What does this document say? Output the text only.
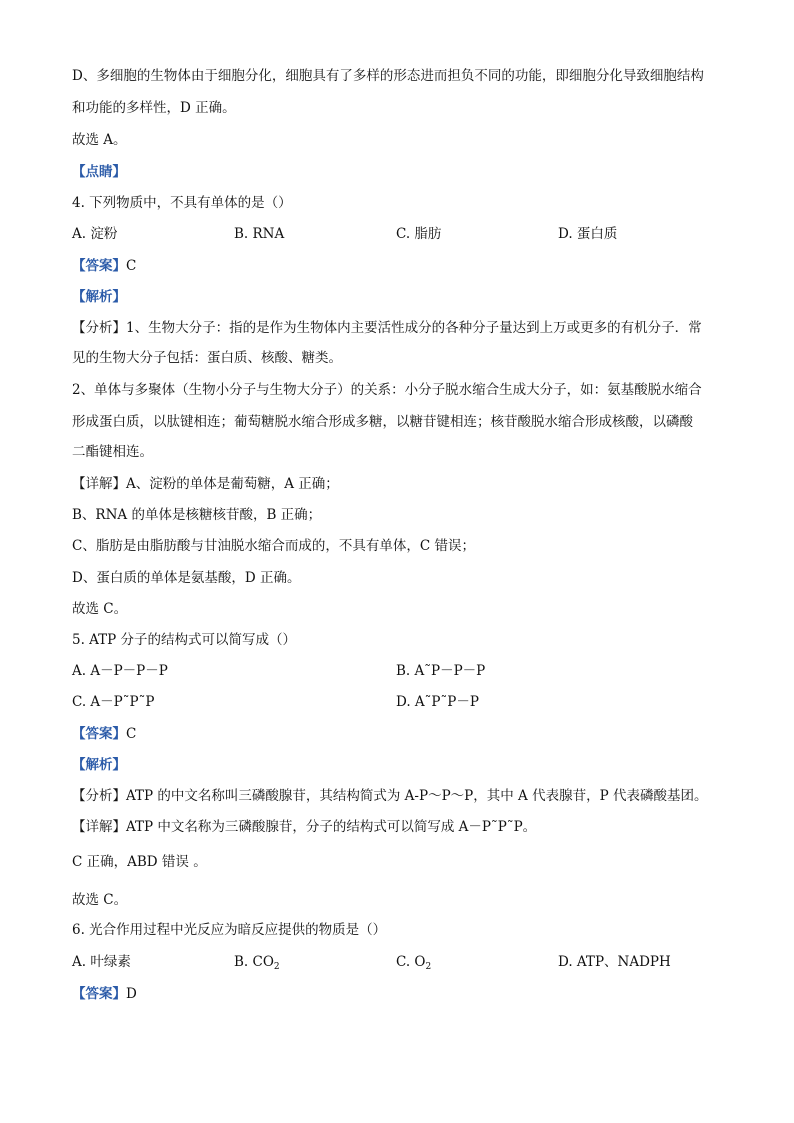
D、多细胞的生物体由于细胞分化，细胞具有了多样的形态进而担负不同的功能，即细胞分化导致细胞结构
和功能的多样性，D 正确。
故选 A。
【点睛】
4. 下列物质中，不具有单体的是（）
A. 淀粉	B. RNA	C. 脂肪	D. 蛋白质
【答案】C
【解析】
【分析】1、生物大分子：指的是作为生物体内主要活性成分的各种分子量达到上万或更多的有机分子．常
见的生物大分子包括：蛋白质、核酸、糖类。
2、单体与多聚体（生物小分子与生物大分子）的关系：小分子脱水缩合生成大分子，如：氨基酸脱水缩合
形成蛋白质，以肽键相连；葡萄糖脱水缩合形成多糖，以糖苷键相连；核苷酸脱水缩合形成核酸，以磷酸
二酯键相连。
【详解】A、淀粉的单体是葡萄糖，A 正确；
B、RNA 的单体是核糖核苷酸，B 正确；
C、脂肪是由脂肪酸与甘油脱水缩合而成的，不具有单体，C 错误；
D、蛋白质的单体是氨基酸，D 正确。
故选 C。
5. ATP 分子的结构式可以简写成（）
A. A－P－P－P	B. A˜P－P－P
C. A－P˜P˜P	D. A˜P˜P－P
【答案】C
【解析】
【分析】ATP 的中文名称叫三磷酸腺苷，其结构简式为 A-P～P～P，其中 A 代表腺苷，P 代表磷酸基团。
【详解】ATP 中文名称为三磷酸腺苷，分子的结构式可以简写成 A－P˜P˜P。
C 正确，ABD 错误 。
故选 C。
6. 光合作用过程中光反应为暗反应提供的物质是（）
A. 叶绿素	B. $CO_2$	C. $O_2$	D. ATP、NADPH
【答案】D
